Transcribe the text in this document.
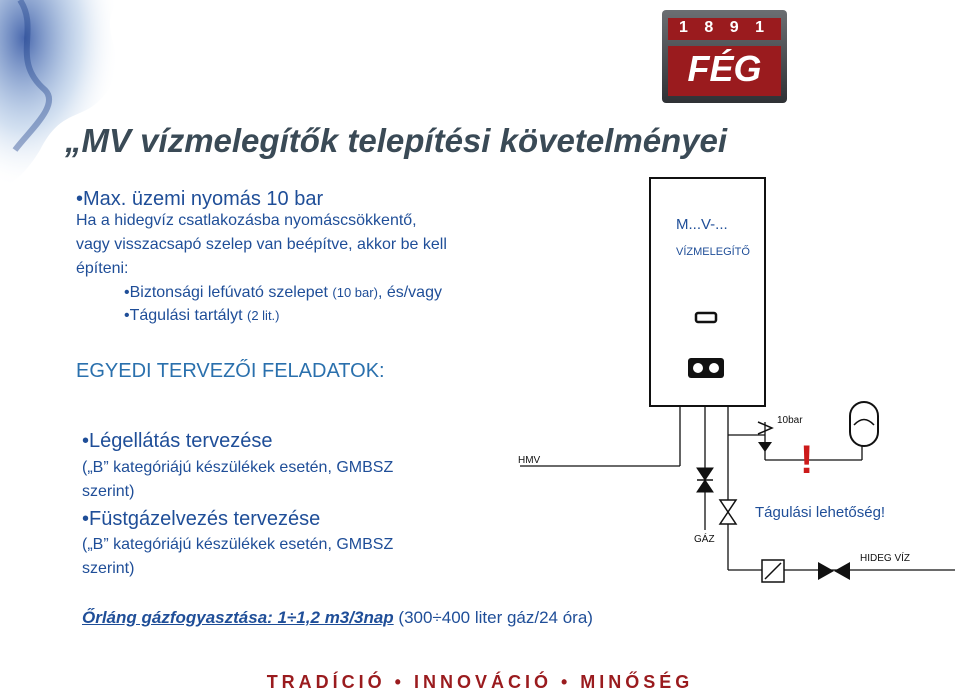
1 8 9 1
FÉG
„MV vízmelegítők telepítési követelményei
•Max. üzemi nyomás 10 bar
Ha a hidegvíz csatlakozásba nyomáscsökkentő,
vagy visszacsapó szelep van beépítve, akkor be kell
építeni:
•Biztonsági lefúvató szelepet (10 bar), és/vagy
•Tágulási tartályt (2 lit.)
EGYEDI TERVEZŐI FELADATOK:
•Légellátás tervezése
(„B” kategóriájú készülékek esetén, GMBSZ
szerint)
•Füstgázelvezés tervezése
(„B” kategóriájú készülékek esetén, GMBSZ
szerint)
Őrláng gázfogyasztása: 1÷1,2 m3/3nap (300÷400 liter gáz/24 óra)
M...V-...
VÍZMELEGÍTŐ
HMV
GÁZ
10bar
!
Tágulási lehetőség!
HIDEG VÍZ
TRADÍCIÓ • INNOVÁCIÓ • MINŐSÉG
